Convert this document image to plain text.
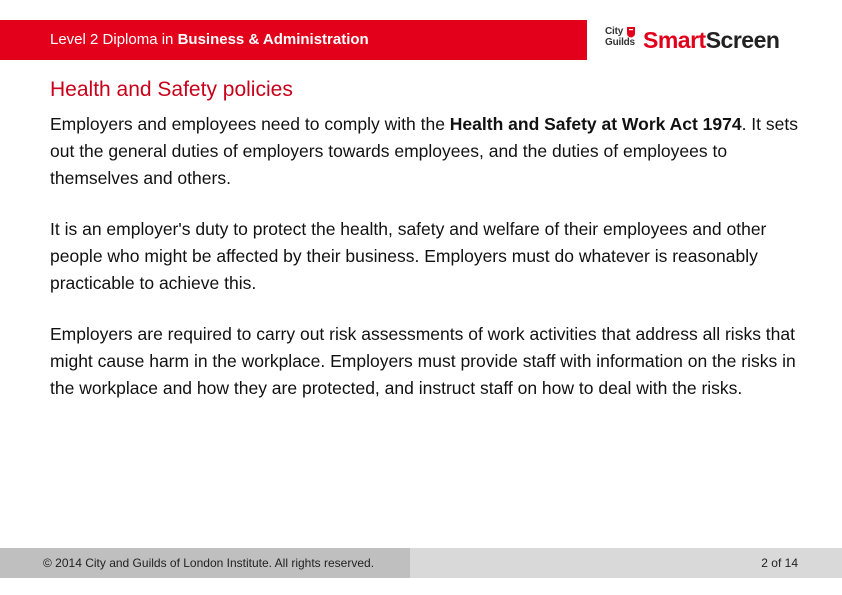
Level 2 Diploma in Business & Administration	City
Guilds SmartScreen
Health and Safety policies

Employers and employees need to comply with the Health and Safety at Work Act 1974. It sets out the general duties of employers towards employees, and the duties of employees to themselves and others.

It is an employer's duty to protect the health, safety and welfare of their employees and other people who might be affected by their business. Employers must do whatever is reasonably practicable to achieve this.

Employers are required to carry out risk assessments of work activities that address all risks that might cause harm in the workplace. Employers must provide staff with information on the risks in the workplace and how they are protected, and instruct staff on how to deal with the risks.

© 2014 City and Guilds of London Institute. All rights reserved.	2 of 14
